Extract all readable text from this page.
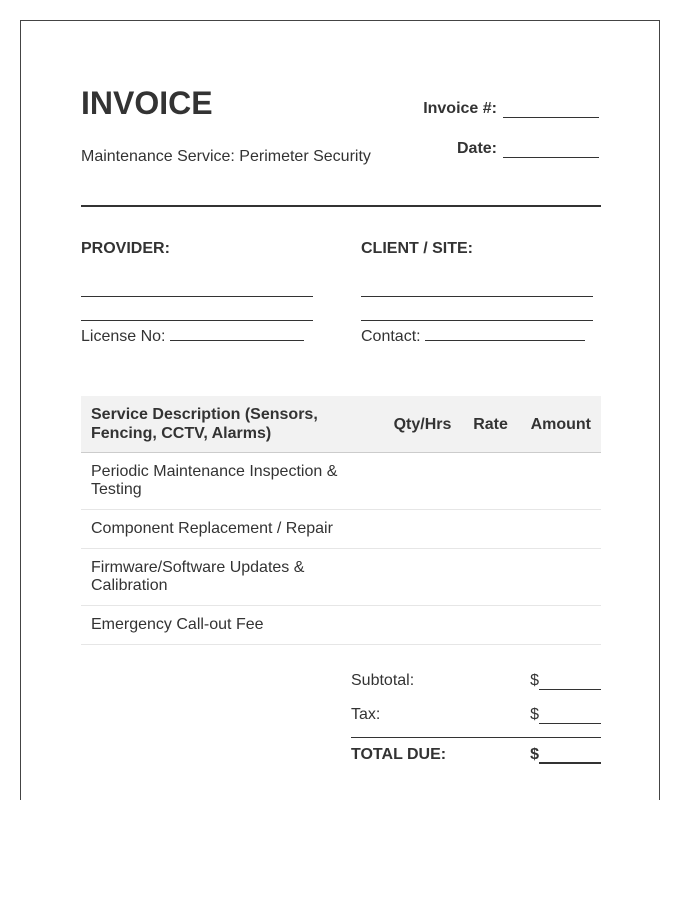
INVOICE
Maintenance Service: Perimeter Security
Invoice #:
Date:
PROVIDER:
License No:
CLIENT / SITE:
Contact:
Service Description (Sensors, Fencing, CCTV, Alarms)	Qty/Hrs	Rate	Amount
Periodic Maintenance Inspection & Testing			
Component Replacement / Repair			
Firmware/Software Updates & Calibration			
Emergency Call-out Fee			
Subtotal:	$
Tax:	$
TOTAL DUE:	$
